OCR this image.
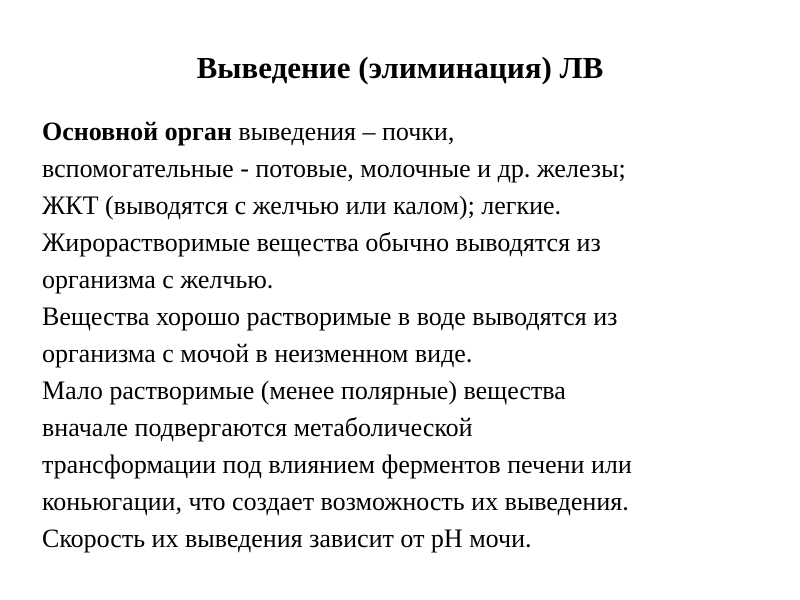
Выведение (элиминация) ЛВ
Основной орган выведения – почки,
вспомогательные - потовые, молочные и др. железы;
ЖКТ (выводятся с желчью или калом); легкие.
Жирорастворимые вещества обычно выводятся из
организма с желчью.
Вещества хорошо растворимые в воде выводятся из
организма с мочой в неизменном виде.
Мало растворимые (менее полярные) вещества
вначале подвергаются метаболической
трансформации под влиянием ферментов печени или
коньюгации, что создает возможность их выведения.
Скорость их выведения зависит от pH мочи.
